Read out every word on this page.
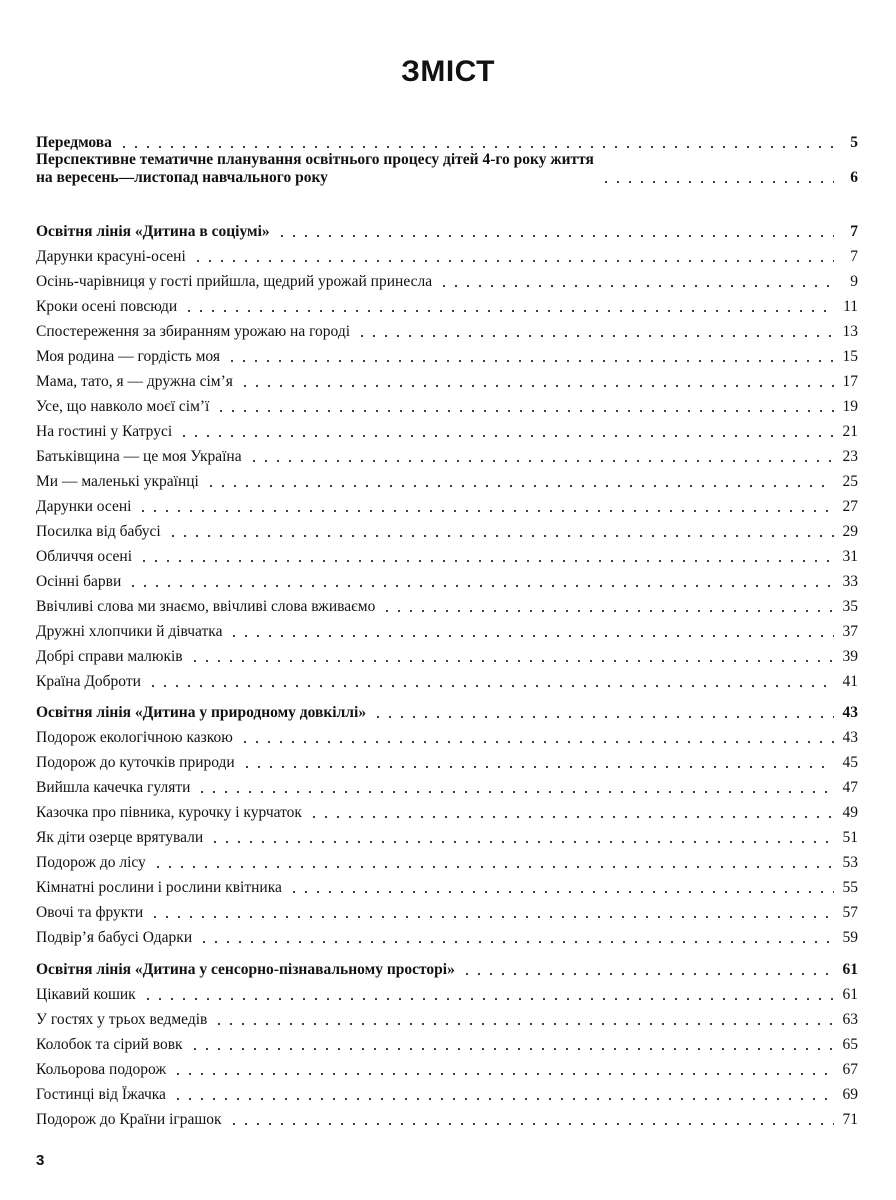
ЗМІСТ
Передмова	5
Перспективне тематичне планування освітнього процесу дітей 4-го року життя
на вересень—листопад навчального року	6
Освітня лінія «Дитина в соціумі»	7
Дарунки красуні-осені	7
Осінь-чарівниця у гості прийшла, щедрий урожай принесла	9
Кроки осені повсюди	11
Спостереження за збиранням урожаю на городі	13
Моя родина — гордість моя	15
Мама, тато, я — дружна сім’я	17
Усе, що навколо моєї сім’ї	19
На гостині у Катрусі	21
Батьківщина — це моя Україна	23
Ми — маленькі українці	25
Дарунки осені	27
Посилка від бабусі	29
Обличчя осені	31
Осінні барви	33
Ввічливі слова ми знаємо, ввічливі слова вживаємо	35
Дружні хлопчики й дівчатка	37
Добрі справи малюків	39
Країна Доброти	41
Освітня лінія «Дитина у природному довкіллі»	43
Подорож екологічною казкою	43
Подорож до куточків природи	45
Вийшла качечка гуляти	47
Казочка про півника, курочку і курчаток	49
Як діти озерце врятували	51
Подорож до лісу	53
Кімнатні рослини і рослини квітника	55
Овочі та фрукти	57
Подвір’я бабусі Одарки	59
Освітня лінія «Дитина у сенсорно-пізнавальному просторі»	61
Цікавий кошик	61
У гостях у трьох ведмедів	63
Колобок та сірий вовк	65
Кольорова подорож	67
Гостинці від Їжачка	69
Подорож до Країни іграшок	71
3
